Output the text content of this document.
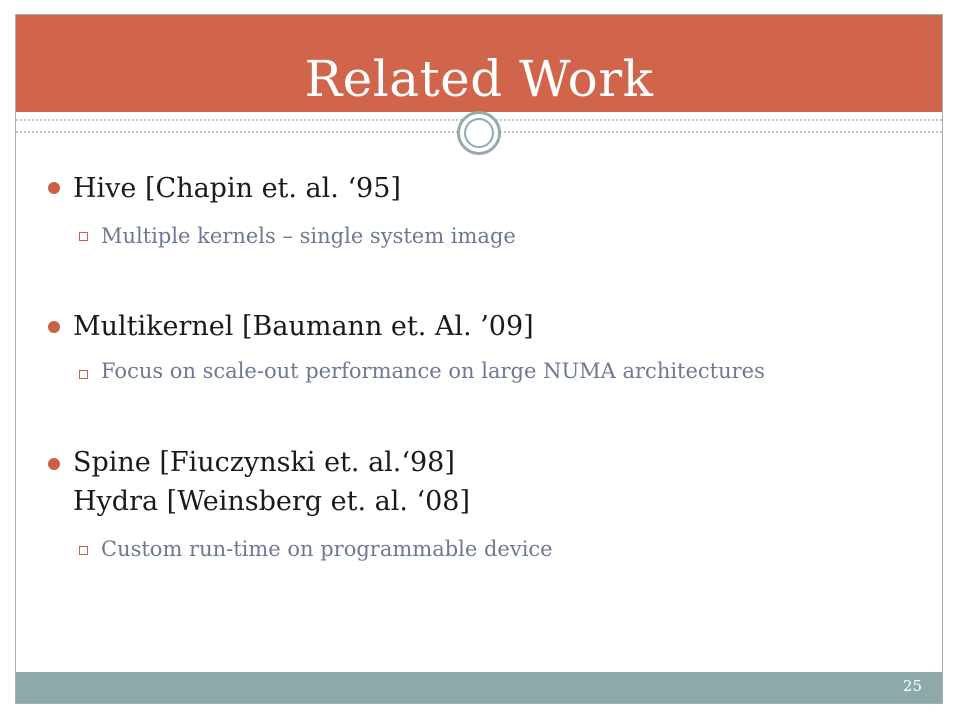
Related Work
Hive [Chapin et. al. ‘95]
Multiple kernels – single system image
Multikernel [Baumann et. Al. ’09]
Focus on scale-out performance on large NUMA architectures
Spine [Fiuczynski et. al.‘98]
Hydra [Weinsberg et. al. ‘08]
Custom run-time on programmable device
25
